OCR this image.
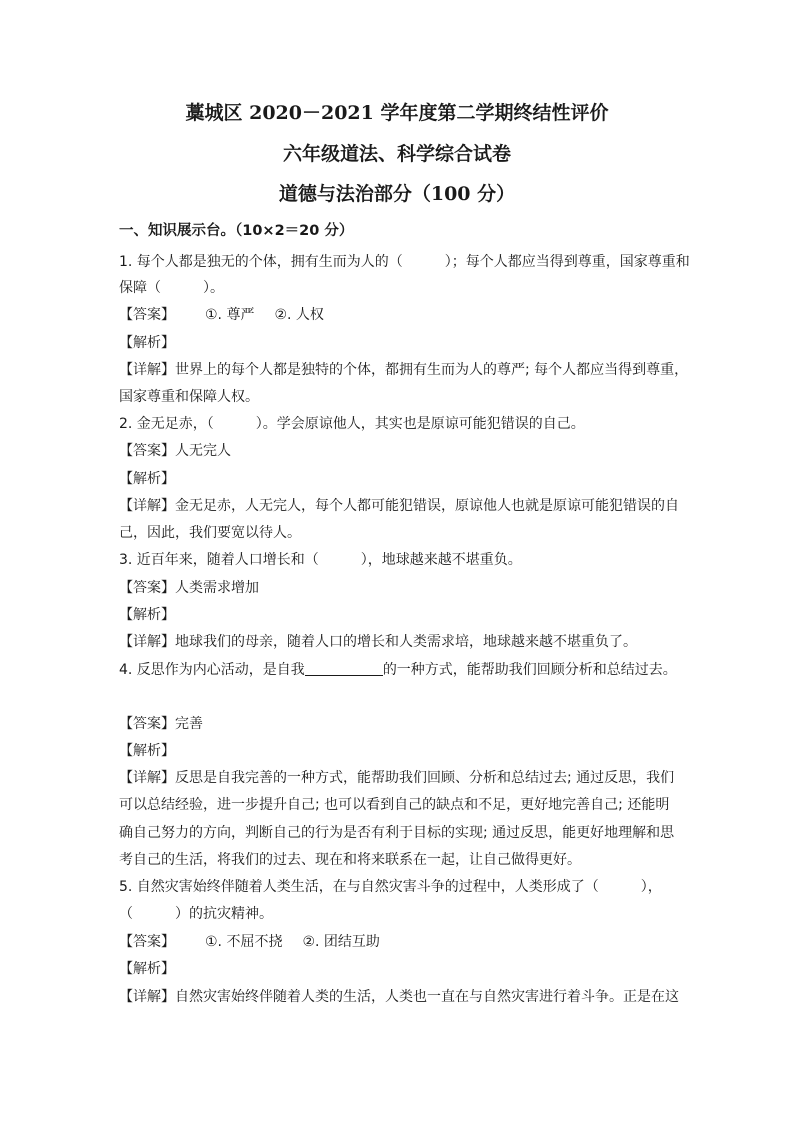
藁城区 2020－2021 学年度第二学期终结性评价
六年级道法、科学综合试卷
道德与法治部分（100 分）
一、知识展示台。（10×2＝20 分）
1. 每个人都是独无的个体，拥有生而为人的（　　　）；每个人都应当得到尊重，国家尊重和
保障（　　　）。
【答案】 ①. 尊严 ②. 人权
【解析】
【详解】世界上的每个人都是独特的个体，都拥有生而为人的尊严; 每个人都应当得到尊重，
国家尊重和保障人权。
2. 金无足赤，（　　　）。学会原谅他人，其实也是原谅可能犯错误的自己。
【答案】人无完人
【解析】
【详解】金无足赤，人无完人，每个人都可能犯错误，原谅他人也就是原谅可能犯错误的自
己，因此，我们要宽以待人。
3. 近百年来，随着人口增长和（　　　），地球越来越不堪重负。
【答案】人类需求增加
【解析】
【详解】地球我们的母亲，随着人口的增长和人类需求培，地球越来越不堪重负了。
4. 反思作为内心活动，是自我	的一种方式，能帮助我们回顾分析和总结过去。
【答案】完善
【解析】
【详解】反思是自我完善的一种方式，能帮助我们回顾、分析和总结过去; 通过反思，我们
可以总结经验，进一步提升自己; 也可以看到自己的缺点和不足，更好地完善自己; 还能明
确自己努力的方向，判断自己的行为是否有利于目标的实现; 通过反思，能更好地理解和思
考自己的生活，将我们的过去、现在和将来联系在一起，让自己做得更好。
5. 自然灾害始终伴随着人类生活，在与自然灾害斗争的过程中，人类形成了（　　　），
（　　　）的抗灾精神。
【答案】 ①. 不屈不挠 ②. 团结互助
【解析】
【详解】自然灾害始终伴随着人类的生活，人类也一直在与自然灾害进行着斗争。正是在这
